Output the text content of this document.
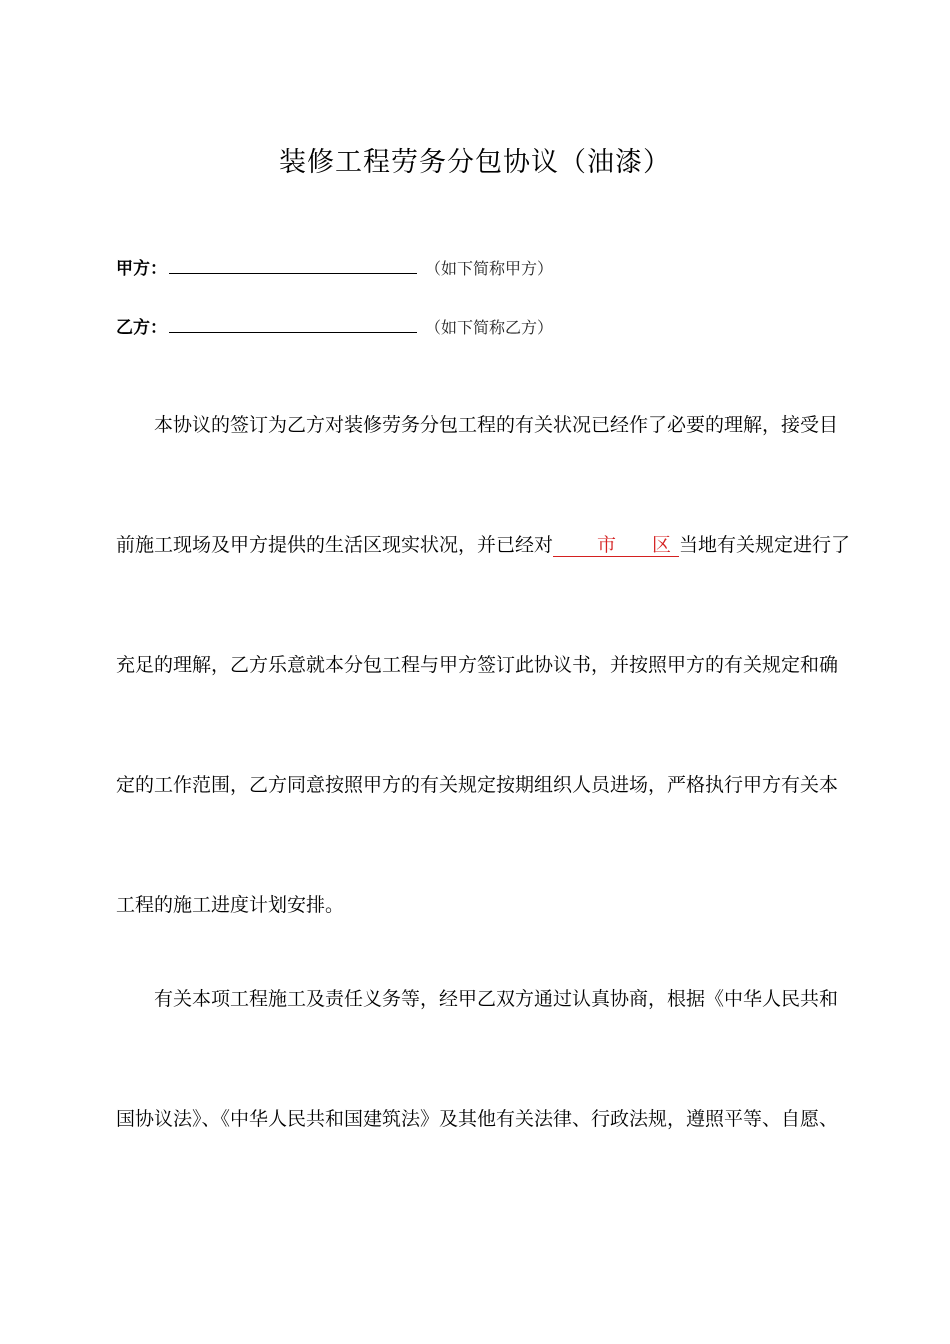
装修工程劳务分包协议（油漆）
甲方：	（如下简称甲方）
乙方：	（如下简称乙方）
本协议的签订为乙方对装修劳务分包工程的有关状况已经作了必要的理解，接受目
前施工现场及甲方提供的生活区现实状况，并已经对 市 区 当地有关规定进行了
充足的理解，乙方乐意就本分包工程与甲方签订此协议书，并按照甲方的有关规定和确
定的工作范围，乙方同意按照甲方的有关规定按期组织人员进场，严格执行甲方有关本
工程的施工进度计划安排。
有关本项工程施工及责任义务等，经甲乙双方通过认真协商，根据《中华人民共和
国协议法》、《中华人民共和国建筑法》及其他有关法律、行政法规，遵照平等、自愿、
